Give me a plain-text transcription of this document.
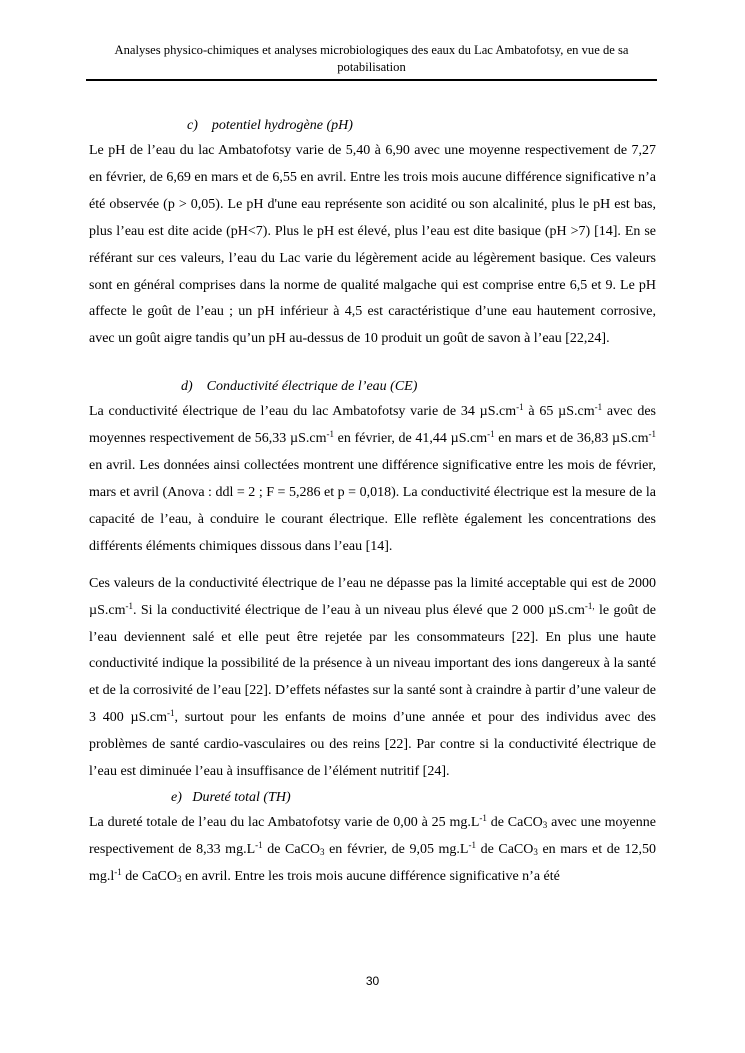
Analyses physico-chimiques et analyses microbiologiques des eaux du Lac Ambatofotsy, en vue de sa
potabilisation

c) potentiel hydrogène (pH)

Le pH de l’eau du lac Ambatofotsy varie de 5,40 à 6,90 avec une moyenne respectivement de 7,27 en février, de 6,69 en mars et de 6,55 en avril. Entre les trois mois aucune différence significative n’a été observée (p > 0,05). Le pH d'une eau représente son acidité ou son alcalinité, plus le pH est bas, plus l’eau est dite acide (pH<7). Plus le pH est élevé, plus l’eau est dite basique (pH >7) [14]. En se référant sur ces valeurs, l’eau du Lac varie du légèrement acide au légèrement basique. Ces valeurs sont en général comprises dans la norme de qualité malgache qui est comprise entre 6,5 et 9. Le pH affecte le goût de l’eau ; un pH inférieur à 4,5 est caractéristique d’une eau hautement corrosive, avec un goût aigre tandis qu’un pH au-dessus de 10 produit un goût de savon à l’eau [22,24].

d) Conductivité électrique de l’eau (CE)

La conductivité électrique de l’eau du lac Ambatofotsy varie de 34 $\mu S.cm^{-1}$ à 65 $\mu S.cm^{-1}$ avec des moyennes respectivement de 56,33 $\mu S.cm^{-1}$ en février, de 41,44 $\mu S.cm^{-1}$ en mars et de 36,83 $\mu S.cm^{-1}$ en avril. Les données ainsi collectées montrent une différence significative entre les mois de février, mars et avril (Anova : ddl = 2 ; F = 5,286 et p = 0,018). La conductivité électrique est la mesure de la capacité de l’eau, à conduire le courant électrique. Elle reflète également les concentrations des différents éléments chimiques dissous dans l’eau [14].

Ces valeurs de la conductivité électrique de l’eau ne dépasse pas la limité acceptable qui est de 2000 $\mu S.cm^{-1}$. Si la conductivité électrique de l’eau à un niveau plus élevé que 2 000 $\mu S.cm^{-1,}$ le goût de l’eau deviennent salé et elle peut être rejetée par les consommateurs [22]. En plus une haute conductivité indique la possibilité de la présence à un niveau important des ions dangereux à la santé et de la corrosivité de l’eau [22]. D’effets néfastes sur la santé sont à craindre à partir d’une valeur de 3 400 $\mu S.cm^{-1}$, surtout pour les enfants de moins d’une année et pour des individus avec des problèmes de santé cardio-vasculaires ou des reins [22]. Par contre si la conductivité électrique de l’eau est diminuée l’eau à insuffisance de l’élément nutritif [24].

e) Dureté total (TH)

La dureté totale de l’eau du lac Ambatofotsy varie de 0,00 à 25 $mg.L^{-1}$ de CaCO$_3$ avec une moyenne respectivement de 8,33 $mg.L^{-1}$ de CaCO$_3$ en février, de 9,05 $mg.L^{-1}$ de CaCO$_3$ en mars et de 12,50 $mg.l^{-1}$ de CaCO$_3$ en avril. Entre les trois mois aucune différence significative n’a été

30
